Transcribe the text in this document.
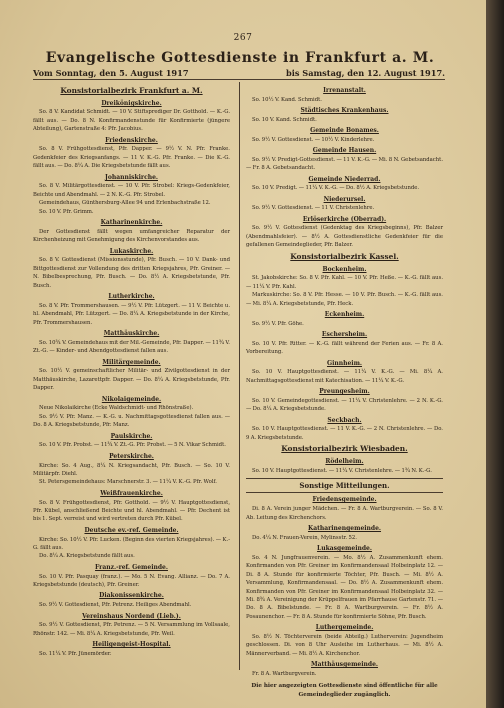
267
Evangelische Gottesdienste in Frankfurt a. M.
Vom Sonntag, den 5. August 1917	bis Samstag, den 12. August 1917.
Konsistorialbezirk Frankfurt a. M.
Dreikönigskirche.
So. 8 V. Kandidat Schmidt. — 10 V. Stiftsprediger Dr. Gotthold. — K.-G. fällt aus. — Do. 8 N. Konfirmandenstunde für Konfirmierte (jüngere Abteilung), Gartenstraße 4: Pfr. Jacobius.
Friedenskirche.
So. 8 V. Frühgottesdienst, Pfr. Dapper. — 9½ V. N. Pfr. Franke. Gedenkfeier des Kriegsanfangs. — 11 V. K.-G. Pfr. Franke. — Die K.-G. fällt aus. — Do. 8¼ A. Die Kriegsbetstunde fällt aus.
Johanniskirche.
So. 8 V. Militärgottesdienst. — 10 V. Pfr. Strobel: Kriegs-Gedenkfeier, Beichte und Abendmahl. — 2 N. K.-G. Pfr. Strobel.
Gemeindehaus, Günthersburg-Allee 94 und Erlenbachstraße 12.
So. 10 V. Pfr. Grimm.
Katharinenkirche.
Der Gottesdienst fällt wegen umfangreicher Reparatur der Kirchenheizung mit Genehmigung des Kirchenvorstandes aus.
Lukaskirche.
So. 8 V. Gottesdienst (Missionsstunde), Pfr. Busch. — 10 V. Dank- und Bittgottesdienst zur Vollendung des dritten Kriegsjahres, Pfr. Greiner. — N. Bibelbesprechung, Pfr. Busch. — Do. 8½ A. Kriegsbetstunde, Pfr. Busch.
Lutherkirche.
So. 8 V. Pfr. Trommershausen. — 9½ V. Pfr. Lützgert. — 11 V. Beichte u. hl. Abendmahl, Pfr. Lützgert. — Do. 8¼ A. Kriegsbetstunde in der Kirche, Pfr. Trommershausen.
Matthäuskirche.
So. 10¾ V. Gemeindehaus mit der Mil.-Gemeinde, Pfr. Dapper. — 11¾ V. Zt.-G. — Kinder- und Abendgottesdienst fallen aus.
Militärgemeinde.
So. 10½ V. gemeinschaftlicher Militär- und Zivilgottesdienst in der Matthäuskirche, Lazarettpfr. Dapper. — Do. 8¼ A. Kriegsbetstunde, Pfr. Dapper.
Nikolaigemeinde.
Neue Nikolaikirche (Ecke Waldschmidt- und Rhönstraße).
So. 9½ V. Pfr. Manz. — K.-G. u. Nachmittagsgottesdienst fallen aus. — Do. 8 A. Kriegsbetstunde, Pfr. Manz.
Paulskirche.
So. 10 V. Pfr. Probst. — 11¾ V. Zt.-G. Pfr. Probst. — 5 N. Vikar Schmidt.
Peterskirche.
Kirche: So. 4 Aug., 8¼ N. Kriegsandacht, Pfr. Busch. — So. 10 V. Militärpfr. Diehl.
St. Petersgemeindehaus: Marschnerstr. 3. — 11¼ V. K.-G. Pfr. Wolf.
Weißfrauenkirche.
So. 8 V. Frühgottesdienst, Pfr. Gotthold. — 9½ V. Hauptgottesdienst, Pfr. Kübel, anschließend Beichte und hl. Abendmahl. — Pfr. Dechent ist bis 1. Sept. verreist und wird vertreten durch Pfr. Kübel.
Deutsche ev.-ref. Gemeinde.
Kirche: So. 10½ V. Pfr. Lucken. (Beginn des vierten Kriegsjahres). — K.-G. fällt aus.
Do. 8¼ A. Kriegsbetstunde fällt aus.
Franz.-ref. Gemeinde.
So. 10 V. Pfr. Pasquay (franz.). — Mo. 5 N. Evang. Allianz. — Do. 7 A. Kriegsbetstunde (deutsch), Pfr. Greiner.
Diakonissenkirche.
So. 9½ V. Gottesdienst, Pfr. Petrenz. Heiliges Abendmahl.
Vereinshaus Nordend (Lieb.).
So. 9½ V. Gottesdienst, Pfr. Petrenz. — 5 N. Versammlung im Vollsaale, Rhönstr. 142. — Mi. 8¼ A. Kriegsbetstunde, Pfr. Weil.
Heiligengeist-Hospital.
So. 11¼ V. Pfr. Jünemörder.
Irrenanstalt.
So. 10½ V. Kand. Schmidt.
Städtisches Krankenhaus.
So. 10 V. Kand. Schmidt.
Gemeinde Bonames.
So. 9½ V. Gottesdienst. — 10½ V. Kinderlehre.
Gemeinde Hausen.
So. 9½ V. Predigt-Gottesdienst. — 11 V. K.-G. — Mi. 8 N. Gebetsandacht. — Fr. 8 A. Gebetsandacht.
Gemeinde Niederrad.
So. 10 V. Predigt. — 11¼ V. K.-G. — Do. 8½ A. Kriegsbetstunde.
Niederursel.
So. 9½ V. Gottesdienst. — 11 V. Christenlehre.
Erlöserkirche (Oberrad).
So. 9½ V. Gottesdienst (Gedenktag des Kriegsbeginns), Pfr. Balzer (Abendmahlsfeier). — 8½ A. Gottesdienstliche Gedenkfeier für die gefallenen Gemeindeglieder, Pfr. Balzer.
Konsistorialbezirk Kassel.
Bockenheim.
St. Jakobskirche: So. 8 V. Pfr. Kahl. — 10 V. Pfr. Heße. — K.-G. fällt aus. — 11¼ V. Pfr. Kahl.
Markuskirche: So. 8 V. Pfr. Hesse. — 10 V. Pfr. Busch. — K.-G. fällt aus. — Mi. 8¼ A. Kriegsbetstunde, Pfr. Heck.
Eckenheim.
So. 9½ V. Pfr. Göhe.
Eschersheim.
So. 10 V. Pfr. Ritter. — K.-G. fällt während der Ferien aus. — Fr. 8 A. Vorbereitung.
Ginnheim.
So. 10 V. Hauptgottesdienst. — 11¼ V. K.-G. — Mi. 8¼ A. Nachmittagsgottesdienst mit Katechisation. — 11¼ V. K.-G.
Preungesheim.
So. 10 V. Gemeindegottesdienst. — 11¼ V. Christenlehre. — 2 N. K.-G. — Do. 8¼ A. Kriegsbetstunde.
Seckbach.
So. 10 V. Hauptgottesdienst. — 11 V. K.-G. — 2 N. Christenlehre. — Do. 9 A. Kriegsbetstunde.
Konsistorialbezirk Wiesbaden.
Rödelheim.
So. 10 V. Hauptgottesdienst. — 11¼ V. Christenlehre. — 1¾ N. K.-G.
Sonstige Mitteilungen.
Friedensgemeinde.
Di. 8 A. Verein junger Mädchen. — Fr. 8 A. Wartburgverein. — So. 8 V. Ab. Leitung des Kirchenchors.
Katharinengemeinde.
Do. 4¼ N. Frauen-Verein, Mylinsstr. 52.
Lukasgemeinde.
So. 4 N. Jungfrauenverein. — Mo. 8½ A. Zusammenkunft ehem. Konfirmanden von Pfr. Greiner im Konfirmandensaal Holbeinplatz 12. — Di. 8 A. Stunde für konfirmierte Töchter, Pfr. Busch. — Mi. 8½ A. Versammlung, Konfirmandensaal. — Do. 8½ A. Zusammenkunft ehem. Konfirmanden von Pfr. Greiner im Konfirmandensaal Holbeinplatz 32. — Mi. 8¾ A. Vereinigung der Krüppelfrauen im Pfarrhause Gartenstr. 71. — Do. 8 A. Bibelstunde. — Fr. 8 A. Wartburgverein. — Fr. 8½ A. Posaunenchor. — Fr. 8 A. Stunde für konfirmierte Söhne, Pfr. Busch.
Luthergemeinde.
So. 8½ N. Töchterverein (beide Abteilg.) Lutherverein: Jugendheim geschlossen. Di. von 8 Uhr Ausleihe im Lutherhaus. — Mi. 8½ A. Männerverband. — Mi. 8½ A. Kirchenchor.
Matthäusgemeinde.
Fr. 8 A. Wartburgverein.
Die hier angezeigten Gottesdienste sind öffentliche für alle Gemeindeglieder zugänglich.
